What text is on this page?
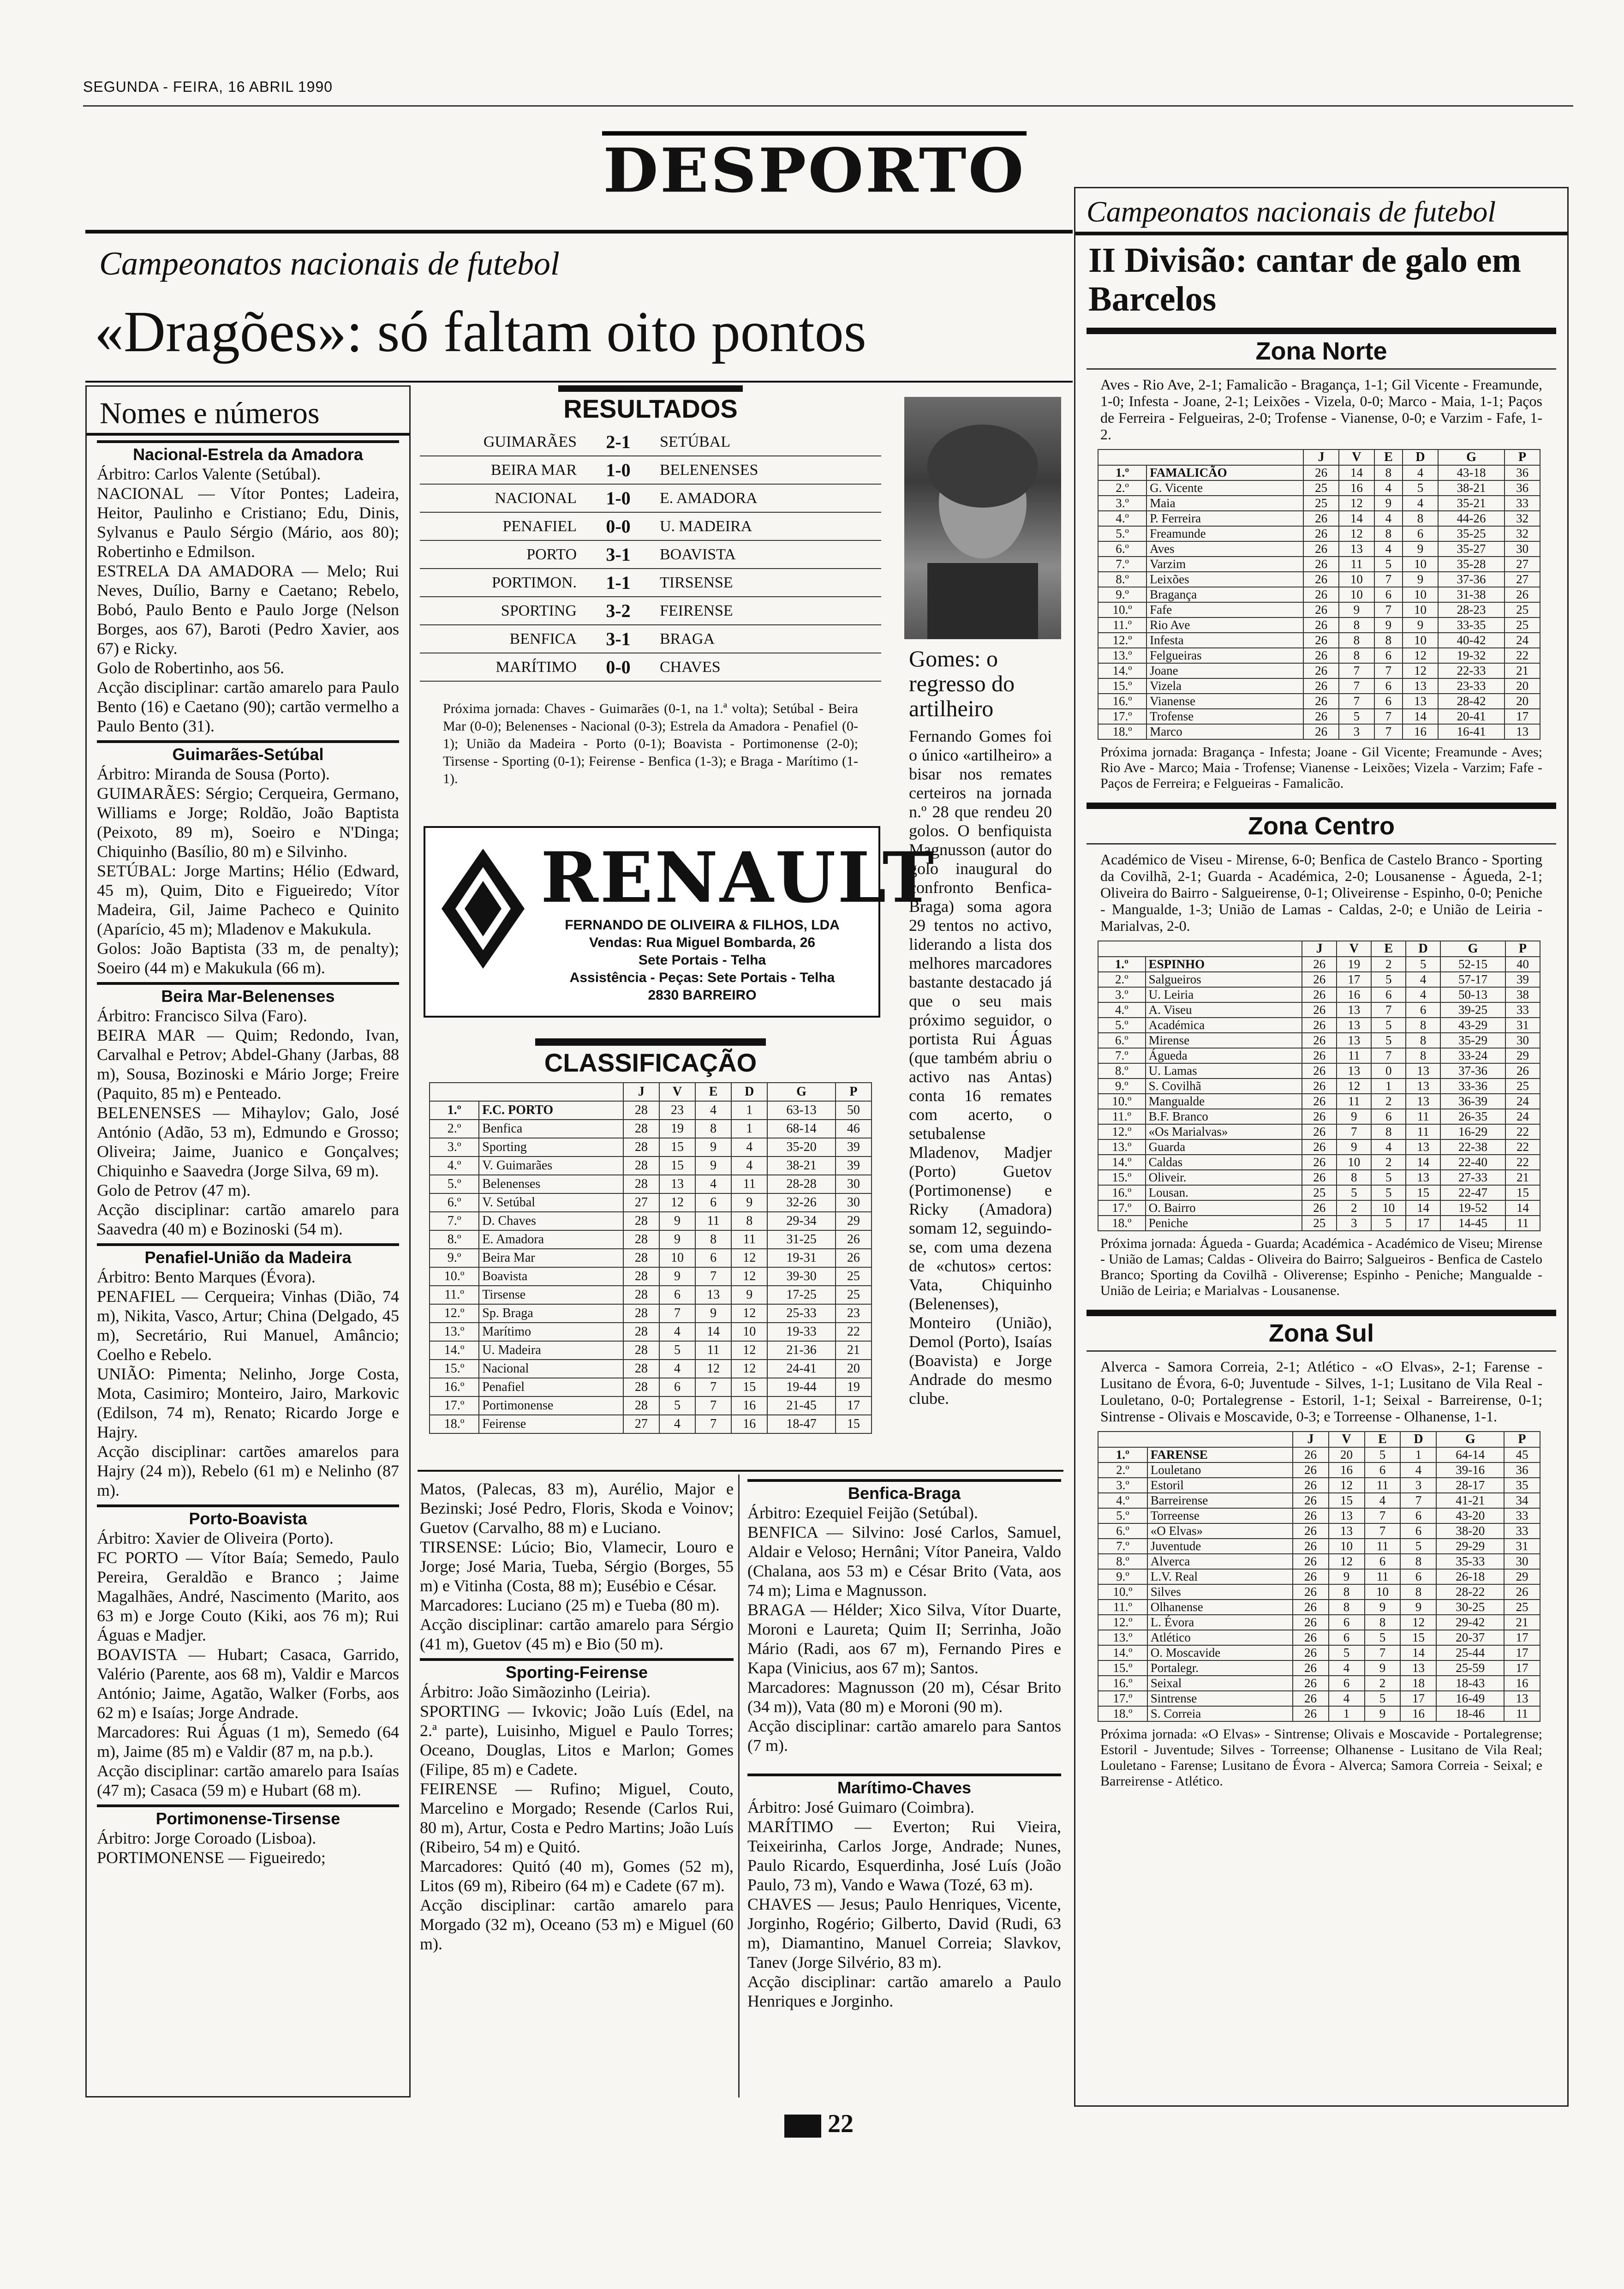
SEGUNDA - FEIRA, 16 ABRIL 1990
DESPORTO
Campeonatos nacionais de futebol
«Dragões»: só faltam oito pontos
Nomes e números
Nacional-Estrela da Amadora

Árbitro: Carlos Valente (Setúbal).

NACIONAL — Vítor Pontes; Ladeira, Heitor, Paulinho e Cristiano; Edu, Dinis, Sylvanus e Paulo Sérgio (Mário, aos 80); Robertinho e Edmilson.

ESTRELA DA AMADORA — Melo; Rui Neves, Duílio, Barny e Caetano; Rebelo, Bobó, Paulo Bento e Paulo Jorge (Nelson Borges, aos 67), Baroti (Pedro Xavier, aos 67) e Ricky.

Golo de Robertinho, aos 56.

Acção disciplinar: cartão amarelo para Paulo Bento (16) e Caetano (90); cartão vermelho a Paulo Bento (31).

Guimarães-Setúbal

Árbitro: Miranda de Sousa (Porto).

GUIMARÃES: Sérgio; Cerqueira, Germano, Williams e Jorge; Roldão, João Baptista (Peixoto, 89 m), Soeiro e N'Dinga; Chiquinho (Basílio, 80 m) e Silvinho.

SETÚBAL: Jorge Martins; Hélio (Edward, 45 m), Quim, Dito e Figueiredo; Vítor Madeira, Gil, Jaime Pacheco e Quinito (Aparício, 45 m); Mladenov e Makukula.

Golos: João Baptista (33 m, de penalty); Soeiro (44 m) e Makukula (66 m).

Beira Mar-Belenenses

Árbitro: Francisco Silva (Faro).

BEIRA MAR — Quim; Redondo, Ivan, Carvalhal e Petrov; Abdel-Ghany (Jarbas, 88 m), Sousa, Bozinoski e Mário Jorge; Freire (Paquito, 85 m) e Penteado.

BELENENSES — Mihaylov; Galo, José António (Adão, 53 m), Edmundo e Grosso; Oliveira; Jaime, Juanico e Gonçalves; Chiquinho e Saavedra (Jorge Silva, 69 m).

Golo de Petrov (47 m).

Acção disciplinar: cartão amarelo para Saavedra (40 m) e Bozinoski (54 m).

Penafiel-União da Madeira

Árbitro: Bento Marques (Évora).

PENAFIEL — Cerqueira; Vinhas (Dião, 74 m), Nikita, Vasco, Artur; China (Delgado, 45 m), Secretário, Rui Manuel, Amâncio; Coelho e Rebelo.

UNIÃO: Pimenta; Nelinho, Jorge Costa, Mota, Casimiro; Monteiro, Jairo, Markovic (Edilson, 74 m), Renato; Ricardo Jorge e Hajry.

Acção disciplinar: cartões amarelos para Hajry (24 m)), Rebelo (61 m) e Nelinho (87 m).

Porto-Boavista

Árbitro: Xavier de Oliveira (Porto).

FC PORTO — Vítor Baía; Semedo, Paulo Pereira, Geraldão e Branco ; Jaime Magalhães, André, Nascimento (Marito, aos 63 m) e Jorge Couto (Kiki, aos 76 m); Rui Águas e Madjer.

BOAVISTA — Hubart; Casaca, Garrido, Valério (Parente, aos 68 m), Valdir e Marcos António; Jaime, Agatão, Walker (Forbs, aos 62 m) e Isaías; Jorge Andrade.

Marcadores: Rui Águas (1 m), Semedo (64 m), Jaime (85 m) e Valdir (87 m, na p.b.).

Acção disciplinar: cartão amarelo para Isaías (47 m); Casaca (59 m) e Hubart (68 m).

Portimonense-Tirsense

Árbitro: Jorge Coroado (Lisboa).

PORTIMONENSE — Figueiredo;

RESULTADOS
GUIMARÃES	2-1	SETÚBAL
BEIRA MAR	1-0	BELENENSES
NACIONAL	1-0	E. AMADORA
PENAFIEL	0-0	U. MADEIRA
PORTO	3-1	BOAVISTA
PORTIMON.	1-1	TIRSENSE
SPORTING	3-2	FEIRENSE
BENFICA	3-1	BRAGA
MARÍTIMO	0-0	CHAVES
Próxima jornada: Chaves - Guimarães (0-1, na 1.ª volta); Setúbal - Beira Mar (0-0); Belenenses - Nacional (0-3); Estrela da Amadora - Penafiel (0-1); União da Madeira - Porto (0-1); Boavista - Portimonense (2-0); Tirsense - Sporting (0-1); Feirense - Benfica (1-3); e Braga - Marítimo (1-1).
RENAULT
FERNANDO DE OLIVEIRA & FILHOS, LDA
Vendas: Rua Miguel Bombarda, 26
Sete Portais - Telha
Assistência - Peças: Sete Portais - Telha
2830 BARREIRO
CLASSIFICAÇÃO
		J	V	E	D	G	P
1.º	F.C. PORTO	28	23	4	1	63-13	50
2.º	Benfica	28	19	8	1	68-14	46
3.º	Sporting	28	15	9	4	35-20	39
4.º	V. Guimarães	28	15	9	4	38-21	39
5.º	Belenenses	28	13	4	11	28-28	30
6.º	V. Setúbal	27	12	6	9	32-26	30
7.º	D. Chaves	28	9	11	8	29-34	29
8.º	E. Amadora	28	9	8	11	31-25	26
9.º	Beira Mar	28	10	6	12	19-31	26
10.º	Boavista	28	9	7	12	39-30	25
11.º	Tirsense	28	6	13	9	17-25	25
12.º	Sp. Braga	28	7	9	12	25-33	23
13.º	Marítimo	28	4	14	10	19-33	22
14.º	U. Madeira	28	5	11	12	21-36	21
15.º	Nacional	28	4	12	12	24-41	20
16.º	Penafiel	28	6	7	15	19-44	19
17.º	Portimonense	28	5	7	16	21-45	17
18.º	Feirense	27	4	7	16	18-47	15
Gomes: o regresso do artilheiro
Fernando Gomes foi o único «artilheiro» a bisar nos remates certeiros na jornada n.º 28 que rendeu 20 golos. O benfiquista Magnusson (autor do golo inaugural do confronto Benfica-Braga) soma agora 29 tentos no activo, liderando a lista dos melhores marcadores bastante destacado já que o seu mais próximo seguidor, o portista Rui Águas (que também abriu o activo nas Antas) conta 16 remates com acerto, o setubalense Mladenov, Madjer (Porto) Guetov (Portimonense) e Ricky (Amadora) somam 12, seguindo-se, com uma dezena de «chutos» certos: Vata, Chiquinho (Belenenses), Monteiro (União), Demol (Porto), Isaías (Boavista) e Jorge Andrade do mesmo clube.

Matos, (Palecas, 83 m), Aurélio, Major e Bezinski; José Pedro, Floris, Skoda e Voinov; Guetov (Carvalho, 88 m) e Luciano.

TIRSENSE: Lúcio; Bio, Vlamecir, Louro e Jorge; José Maria, Tueba, Sérgio (Borges, 55 m) e Vitinha (Costa, 88 m); Eusébio e César.

Marcadores: Luciano (25 m) e Tueba (80 m).

Acção disciplinar: cartão amarelo para Sérgio (41 m), Guetov (45 m) e Bio (50 m).

Sporting-Feirense

Árbitro: João Simãozinho (Leiria).

SPORTING — Ivkovic; João Luís (Edel, na 2.ª parte), Luisinho, Miguel e Paulo Torres; Oceano, Douglas, Litos e Marlon; Gomes (Filipe, 85 m) e Cadete.

FEIRENSE — Rufino; Miguel, Couto, Marcelino e Morgado; Resende (Carlos Rui, 80 m), Artur, Costa e Pedro Martins; João Luís (Ribeiro, 54 m) e Quitó.

Marcadores: Quitó (40 m), Gomes (52 m), Litos (69 m), Ribeiro (64 m) e Cadete (67 m).

Acção disciplinar: cartão amarelo para Morgado (32 m), Oceano (53 m) e Miguel (60 m).

Benfica-Braga

Árbitro: Ezequiel Feijão (Setúbal).

BENFICA — Silvino: José Carlos, Samuel, Aldair e Veloso; Hernâni; Vítor Paneira, Valdo (Chalana, aos 53 m) e César Brito (Vata, aos 74 m); Lima e Magnusson.

BRAGA — Hélder; Xico Silva, Vítor Duarte, Moroni e Laureta; Quim II; Serrinha, João Mário (Radi, aos 67 m), Fernando Pires e Kapa (Vinicius, aos 67 m); Santos.

Marcadores: Magnusson (20 m), César Brito (34 m)), Vata (80 m) e Moroni (90 m).

Acção disciplinar: cartão amarelo para Santos (7 m).

Marítimo-Chaves

Árbitro: José Guimaro (Coimbra).

MARÍTIMO — Everton; Rui Vieira, Teixeirinha, Carlos Jorge, Andrade; Nunes, Paulo Ricardo, Esquerdinha, José Luís (João Paulo, 73 m), Vando e Wawa (Tozé, 63 m).

CHAVES — Jesus; Paulo Henriques, Vicente, Jorginho, Rogério; Gilberto, David (Rudi, 63 m), Diamantino, Manuel Correia; Slavkov, Tanev (Jorge Silvério, 83 m).

Acção disciplinar: cartão amarelo a Paulo Henriques e Jorginho.

22
Campeonatos nacionais de futebol
II Divisão: cantar de galo em Barcelos
Zona Norte
Aves - Rio Ave, 2-1; Famalicão - Bragança, 1-1; Gil Vicente - Freamunde, 1-0; Infesta - Joane, 2-1; Leixões - Vizela, 0-0; Marco - Maia, 1-1; Paços de Ferreira - Felgueiras, 2-0; Trofense - Vianense, 0-0; e Varzim - Fafe, 1-2.
		J	V	E	D	G	P
1.º	FAMALICÃO	26	14	8	4	43-18	36
2.º	G. Vicente	25	16	4	5	38-21	36
3.º	Maia	25	12	9	4	35-21	33
4.º	P. Ferreira	26	14	4	8	44-26	32
5.º	Freamunde	26	12	8	6	35-25	32
6.º	Aves	26	13	4	9	35-27	30
7.º	Varzim	26	11	5	10	35-28	27
8.º	Leixões	26	10	7	9	37-36	27
9.º	Bragança	26	10	6	10	31-38	26
10.º	Fafe	26	9	7	10	28-23	25
11.º	Rio Ave	26	8	9	9	33-35	25
12.º	Infesta	26	8	8	10	40-42	24
13.º	Felgueiras	26	8	6	12	19-32	22
14.º	Joane	26	7	7	12	22-33	21
15.º	Vizela	26	7	6	13	23-33	20
16.º	Vianense	26	7	6	13	28-42	20
17.º	Trofense	26	5	7	14	20-41	17
18.º	Marco	26	3	7	16	16-41	13
Próxima jornada: Bragança - Infesta; Joane - Gil Vicente; Freamunde - Aves; Rio Ave - Marco; Maia - Trofense; Vianense - Leixões; Vizela - Varzim; Fafe - Paços de Ferreira; e Felgueiras - Famalicão.
Zona Centro
Académico de Viseu - Mirense, 6-0; Benfica de Castelo Branco - Sporting da Covilhã, 2-1; Guarda - Académica, 2-0; Lousanense - Águeda, 2-1; Oliveira do Bairro - Salgueirense, 0-1; Oliveirense - Espinho, 0-0; Peniche - Mangualde, 1-3; União de Lamas - Caldas, 2-0; e União de Leiria - Marialvas, 2-0.
		J	V	E	D	G	P
1.º	ESPINHO	26	19	2	5	52-15	40
2.º	Salgueiros	26	17	5	4	57-17	39
3.º	U. Leiria	26	16	6	4	50-13	38
4.º	A. Viseu	26	13	7	6	39-25	33
5.º	Académica	26	13	5	8	43-29	31
6.º	Mirense	26	13	5	8	35-29	30
7.º	Águeda	26	11	7	8	33-24	29
8.º	U. Lamas	26	13	0	13	37-36	26
9.º	S. Covilhã	26	12	1	13	33-36	25
10.º	Mangualde	26	11	2	13	36-39	24
11.º	B.F. Branco	26	9	6	11	26-35	24
12.º	«Os Marialvas»	26	7	8	11	16-29	22
13.º	Guarda	26	9	4	13	22-38	22
14.º	Caldas	26	10	2	14	22-40	22
15.º	Oliveir.	26	8	5	13	27-33	21
16.º	Lousan.	25	5	5	15	22-47	15
17.º	O. Bairro	26	2	10	14	19-52	14
18.º	Peniche	25	3	5	17	14-45	11
Próxima jornada: Águeda - Guarda; Académica - Académico de Viseu; Mirense - União de Lamas; Caldas - Oliveira do Bairro; Salgueiros - Benfica de Castelo Branco; Sporting da Covilhã - Oliverense; Espinho - Peniche; Mangualde - União de Leiria; e Marialvas - Lousanense.
Zona Sul
Alverca - Samora Correia, 2-1; Atlético - «O Elvas», 2-1; Farense - Lusitano de Évora, 6-0; Juventude - Silves, 1-1; Lusitano de Vila Real - Louletano, 0-0; Portalegrense - Estoril, 1-1; Seixal - Barreirense, 0-1; Sintrense - Olivais e Moscavide, 0-3; e Torreense - Olhanense, 1-1.
		J	V	E	D	G	P
1.º	FARENSE	26	20	5	1	64-14	45
2.º	Louletano	26	16	6	4	39-16	36
3.º	Estoril	26	12	11	3	28-17	35
4.º	Barreirense	26	15	4	7	41-21	34
5.º	Torreense	26	13	7	6	43-20	33
6.º	«O Elvas»	26	13	7	6	38-20	33
7.º	Juventude	26	10	11	5	29-29	31
8.º	Alverca	26	12	6	8	35-33	30
9.º	L.V. Real	26	9	11	6	26-18	29
10.º	Silves	26	8	10	8	28-22	26
11.º	Olhanense	26	8	9	9	30-25	25
12.º	L. Évora	26	6	8	12	29-42	21
13.º	Atlético	26	6	5	15	20-37	17
14.º	O. Moscavide	26	5	7	14	25-44	17
15.º	Portalegr.	26	4	9	13	25-59	17
16.º	Seixal	26	6	2	18	18-43	16
17.º	Sintrense	26	4	5	17	16-49	13
18.º	S. Correia	26	1	9	16	18-46	11
Próxima jornada: «O Elvas» - Sintrense; Olivais e Moscavide - Portalegrense; Estoril - Juventude; Silves - Torreense; Olhanense - Lusitano de Vila Real; Louletano - Farense; Lusitano de Évora - Alverca; Samora Correia - Seixal; e Barreirense - Atlético.
